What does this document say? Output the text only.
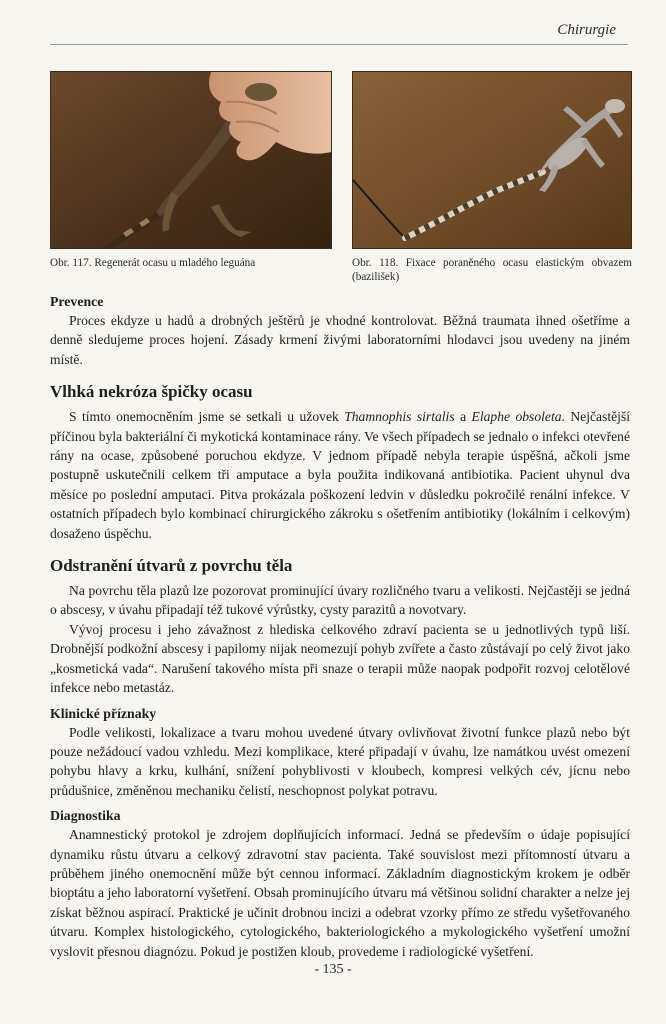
Chirurgie
Obr. 117. Regenerát ocasu u mladého leguána	Obr. 118. Fixace poraněného ocasu elastickým obvazem (bazilišek)
Prevence

Proces ekdyze u hadů a drobných ještěrů je vhodné kontrolovat. Běžná traumata ihned ošetříme a denně sledujeme proces hojení. Zásady krmení živými laboratorními hlodavci jsou uvedeny na jiném místě.

Vlhká nekróza špičky ocasu

S tímto onemocněním jsme se setkali u užovek Thamnophis sirtalis a Elaphe obsoleta. Nejčastější příčinou byla bakteriální či mykotická kontaminace rány. Ve všech případech se jednalo o infekci otevřené rány na ocase, způsobené poruchou ekdyze. V jednom případě nebyla terapie úspěšná, ačkoli jsme postupně uskutečnili celkem tři amputace a byla použita indikovaná antibiotika. Pacient uhynul dva měsíce po poslední amputaci. Pitva prokázala poškození ledvin v důsledku pokročilé renální infekce. V ostatních případech bylo kombinací chirurgického zákroku s ošetřením antibiotiky (lokálním i celkovým) dosaženo úspěchu.

Odstranění útvarů z povrchu těla

Na povrchu těla plazů lze pozorovat prominující úvary rozličného tvaru a velikosti. Nejčastěji se jedná o abscesy, v úvahu připadají též tukové výrůstky, cysty parazitů a novotvary.

Vývoj procesu i jeho závažnost z hlediska celkového zdraví pacienta se u jednotlivých typů liší. Drobnější podkožní abscesy i papilomy nijak neomezují pohyb zvířete a často zůstávají po celý život jako „kosmetická vada“. Narušení takového místa při snaze o terapii může naopak podpořit rozvoj celotělové infekce nebo metastáz.

Klinické příznaky

Podle velikosti, lokalizace a tvaru mohou uvedené útvary ovlivňovat životní funkce plazů nebo být pouze nežádoucí vadou vzhledu. Mezi komplikace, které připadají v úvahu, lze namátkou uvést omezení pohybu hlavy a krku, kulhání, snížení pohyblivosti v kloubech, kompresi velkých cév, jícnu nebo průdušnice, změněnou mechaniku čelistí, neschopnost polykat potravu.

Diagnostika

Anamnestický protokol je zdrojem doplňujících informací. Jedná se především o údaje popisující dynamiku růstu útvaru a celkový zdravotní stav pacienta. Také souvislost mezi přítomností útvaru a průběhem jiného onemocnění může být cennou informací. Základním diagnostickým krokem je odběr bioptátu a jeho laboratorní vyšetření. Obsah prominujícího útvaru má většinou solidní charakter a nelze jej získat běžnou aspirací. Praktické je učinit drobnou incizi a odebrat vzorky přímo ze středu vyšetřovaného útvaru. Komplex histologického, cytologického, bakteriologického a mykologického vyšetření umožní vyslovit přesnou diagnózu. Pokud je postižen kloub, provedeme i radiologické vyšetření.

- 135 -
